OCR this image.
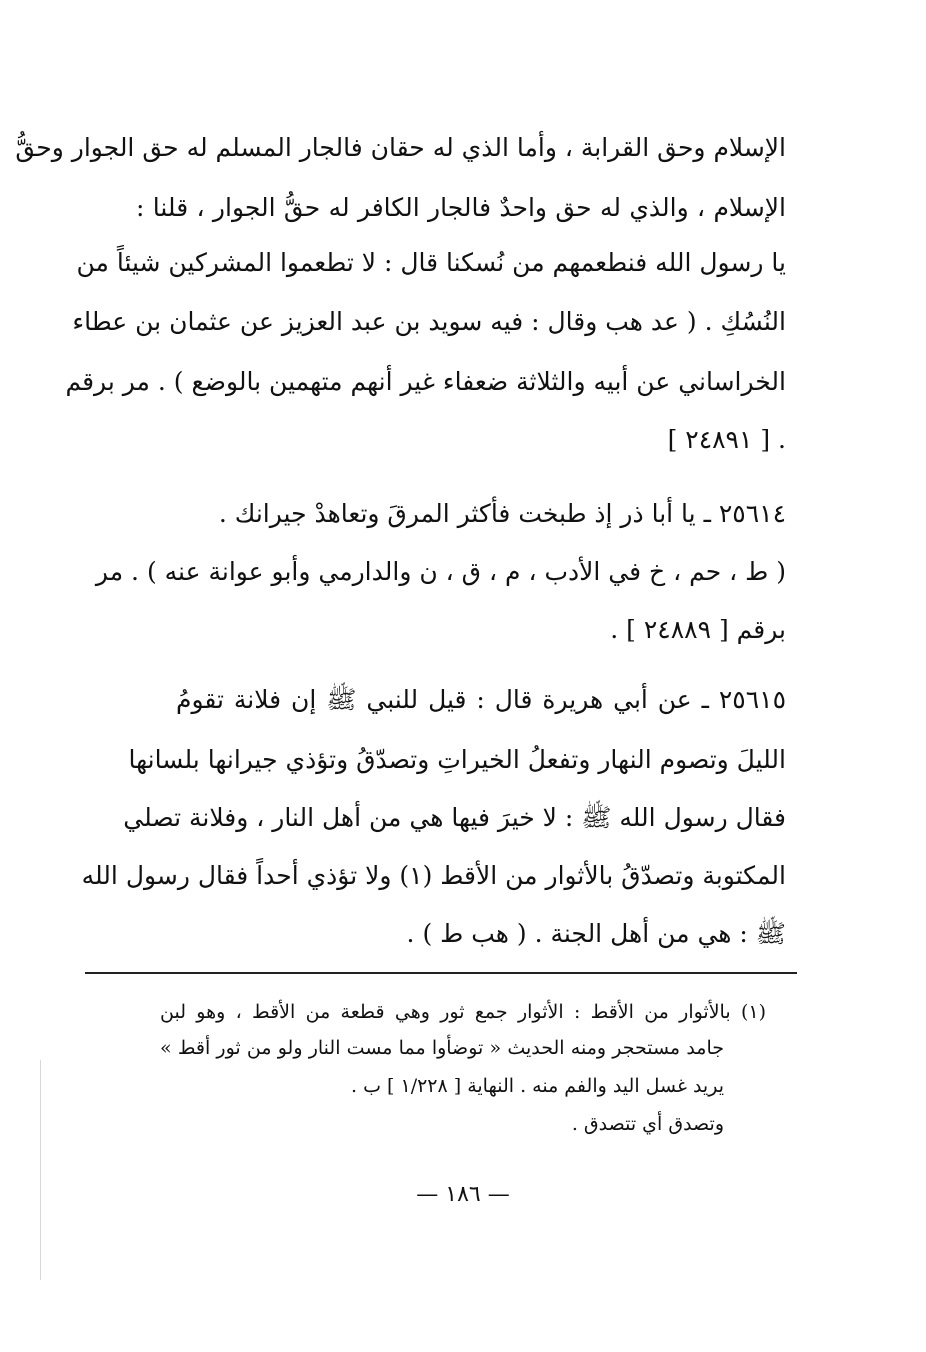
الإسلام وحق القرابة ، وأما الذي له حقان فالجار المسلم له حق الجوار وحقُّ
الإسلام ، والذي له حق واحدٌ فالجار الكافر له حقُّ الجوار ، قلنا :
يا رسول الله فنطعمهم من نُسكنا قال : لا تطعموا المشركين شيئاً من
النُسُكِ . ( عد هب وقال : فيه سويد بن عبد العزيز عن عثمان بن عطاء
الخراساني عن أبيه والثلاثة ضعفاء غير أنهم متهمين بالوضع ) . مر برقم
[ ٢٤٨٩١ ] .
٢٥٦١٤ ـ يا أبا ذر إذ طبخت فأكثر المرقَ وتعاهدْ جيرانك .
( ط ، حم ، خ في الأدب ، م ، ق ، ن والدارمي وأبو عوانة عنه ) . مر
برقم [ ٢٤٨٨٩ ] .
٢٥٦١٥ ـ عن أبي هريرة قال : قيل للنبي ﷺ إن فلانة تقومُ
الليلَ وتصوم النهار وتفعلُ الخيراتِ وتصدّقُ وتؤذي جيرانها بلسانها
فقال رسول الله ﷺ : لا خيرَ فيها هي من أهل النار ، وفلانة تصلي
المكتوبة وتصدّقُ بالأثوار من الأقط (١) ولا تؤذي أحداً فقال رسول الله
ﷺ : هي من أهل الجنة . ( هب ط ) .
(١) بالأثوار من الأقط : الأثوار جمع ثور وهي قطعة من الأقط ، وهو لبن
جامد مستحجر ومنه الحديث « توضأوا مما مست النار ولو من ثور أقط »
يريد غسل اليد والفم منه . النهاية [ ١/٢٢٨ ] ب .
وتصدق أي تتصدق .
— ١٨٦ —
